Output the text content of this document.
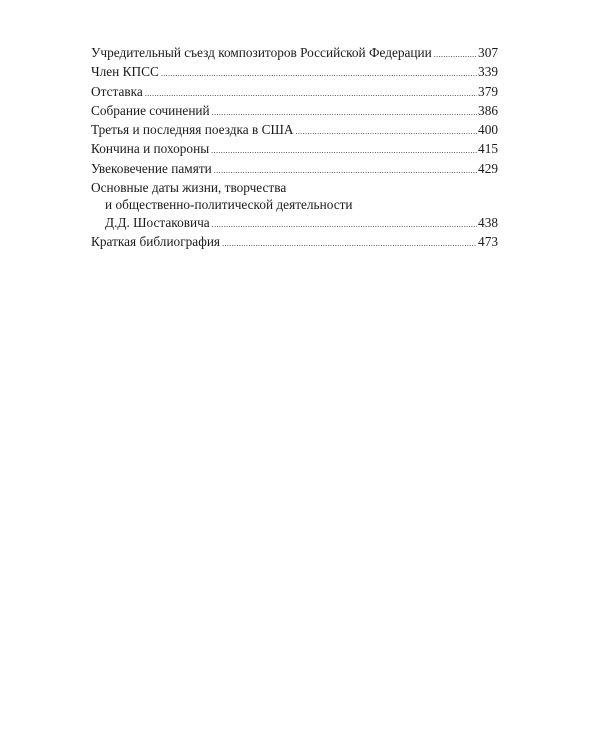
Учредительный съезд композиторов Российской Федерации .....	307
Член КПСС .....	339
Отставка .....	379
Собрание сочинений .....	386
Третья и последняя поездка в США .....	400
Кончина и похороны .....	415
Увековечение памяти .....	429
Основные даты жизни, творчества
и общественно-политической деятельности
Д.Д. Шостаковича .....	438
Краткая библиография .....	473
